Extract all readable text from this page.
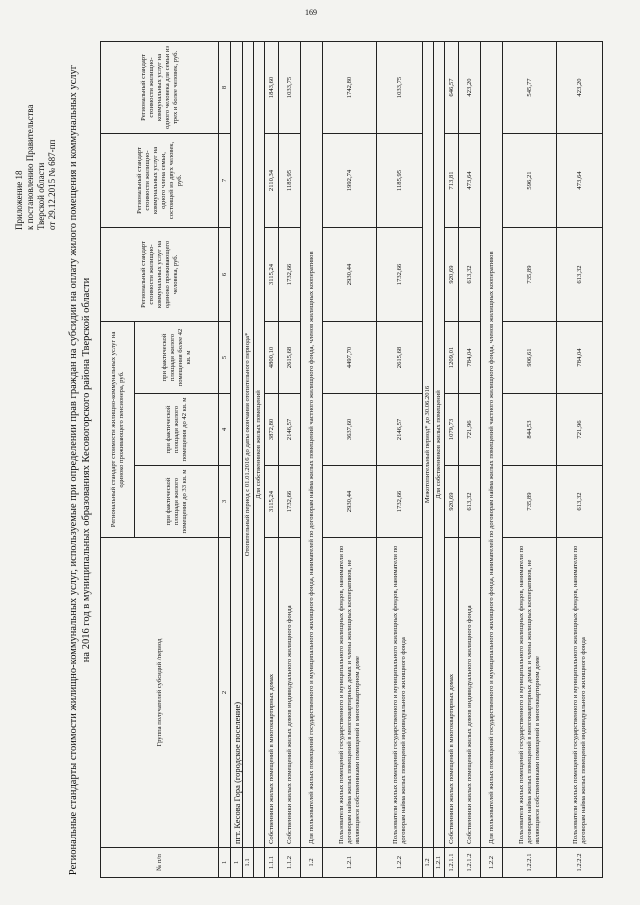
169
Приложение 18 к постановлению Правительства Тверской области от 29.12.2015 № 687-пп Региональные стандарты стоимости жилищно-коммунальных услуг, используемые при определении прав граждан на субсидии на оплату жилого помещения и коммунальных услуг на 2016 год в муниципальных образованиях Кесовогорского района Тверской области
№ п/п	Группа получателей субсидий /период	Региональный стандарт стоимости жилищно-коммунальных услуг на одиноко проживающего пенсионера, руб.			Региональный стандарт стоимости жилищно-коммунальных услуг на одиноко проживающего человека, руб.	Региональный стандарт стоимости жилищно-коммунальных услуг на одного члена семьи, состоящей из двух человек, руб.	Региональный стандарт стоимости жилищно-коммунальных услуг на одного человека для семьи из трех и более человек, руб.
		при фактической площади жилого помещения до 33 кв. м	при фактической площади жилого помещения до 42 кв. м	при фактической площади жилого помещения более 42 кв. м			
1	2	3	4	5	6	7	8
1	пгт. Кесова Гора (городское поселение)						
1.1	Отопительный период с 01.01.2016 до даты окончания отопительного периода*						
	Для собственников жилых помещений						
1.1.1	Собственники жилых помещений в многоквартирных домах	3115,24	3872,80	4800,10	3115,24	2110,34	1843,60
1.1.2	Собственники жилых помещений жилых домов индивидуального жилищного фонда	1732,66	2146,57	2615,68	1732,66	1185,95	1033,75
1.2	Для пользователей жилых помещений государственного и муниципального жилищного фонда, нанимателей по договорам найма жилых помещений частного жилищного фонда, членов жилищных кооперативов						
1.2.1	Пользователи жилых помещений государственного и муниципального жилищных фондов, наниматели по договорам найма жилых помещений в многоквартирных домах и члены жилищных кооперативов, не являющиеся собственниками помещений в многоквартирном доме	2930,44	3637,60	4497,70	2930,44	1992,74	1742,80
1.2.2	Пользователи жилых помещений государственного и муниципального жилищных фондов, наниматели по договорам найма жилых помещений индивидуального жилищного фонда	1732,66	2146,57	2615,68	1732,66	1185,95	1033,75
1.2	Межотопительный период* до 30.06.2016						
1.2.1	Для собственников жилых помещений						
1.2.1.1	Собственники жилых помещений в многоквартирных домах	920,69	1079,73	1209,01	920,69	713,81	646,57
1.2.1.2	Собственники жилых помещений жилых домов индивидуального жилищного фонда	613,32	721,96	784,04	613,32	473,64	423,20
1.2.2	Для пользователей жилых помещений государственного и муниципального жилищного фонда, нанимателей по договорам найма жилых помещений частного жилищного фонда, членов жилищных кооперативов						
1.2.2.1	Пользователи жилых помещений государственного и муниципального жилищных фондов, наниматели по договорам найма жилых помещений в многоквартирных домах и члены жилищных кооперативов, не являющиеся собственниками помещений в многоквартирном доме	735,89	844,53	906,61	735,89	596,21	545,77
1.2.2.2	Пользователи жилых помещений государственного и муниципального жилищных фондов, наниматели по договорам найма жилых помещений индивидуального жилищного фонда	613,32	721,96	784,04	613,32	473,64	423,20
